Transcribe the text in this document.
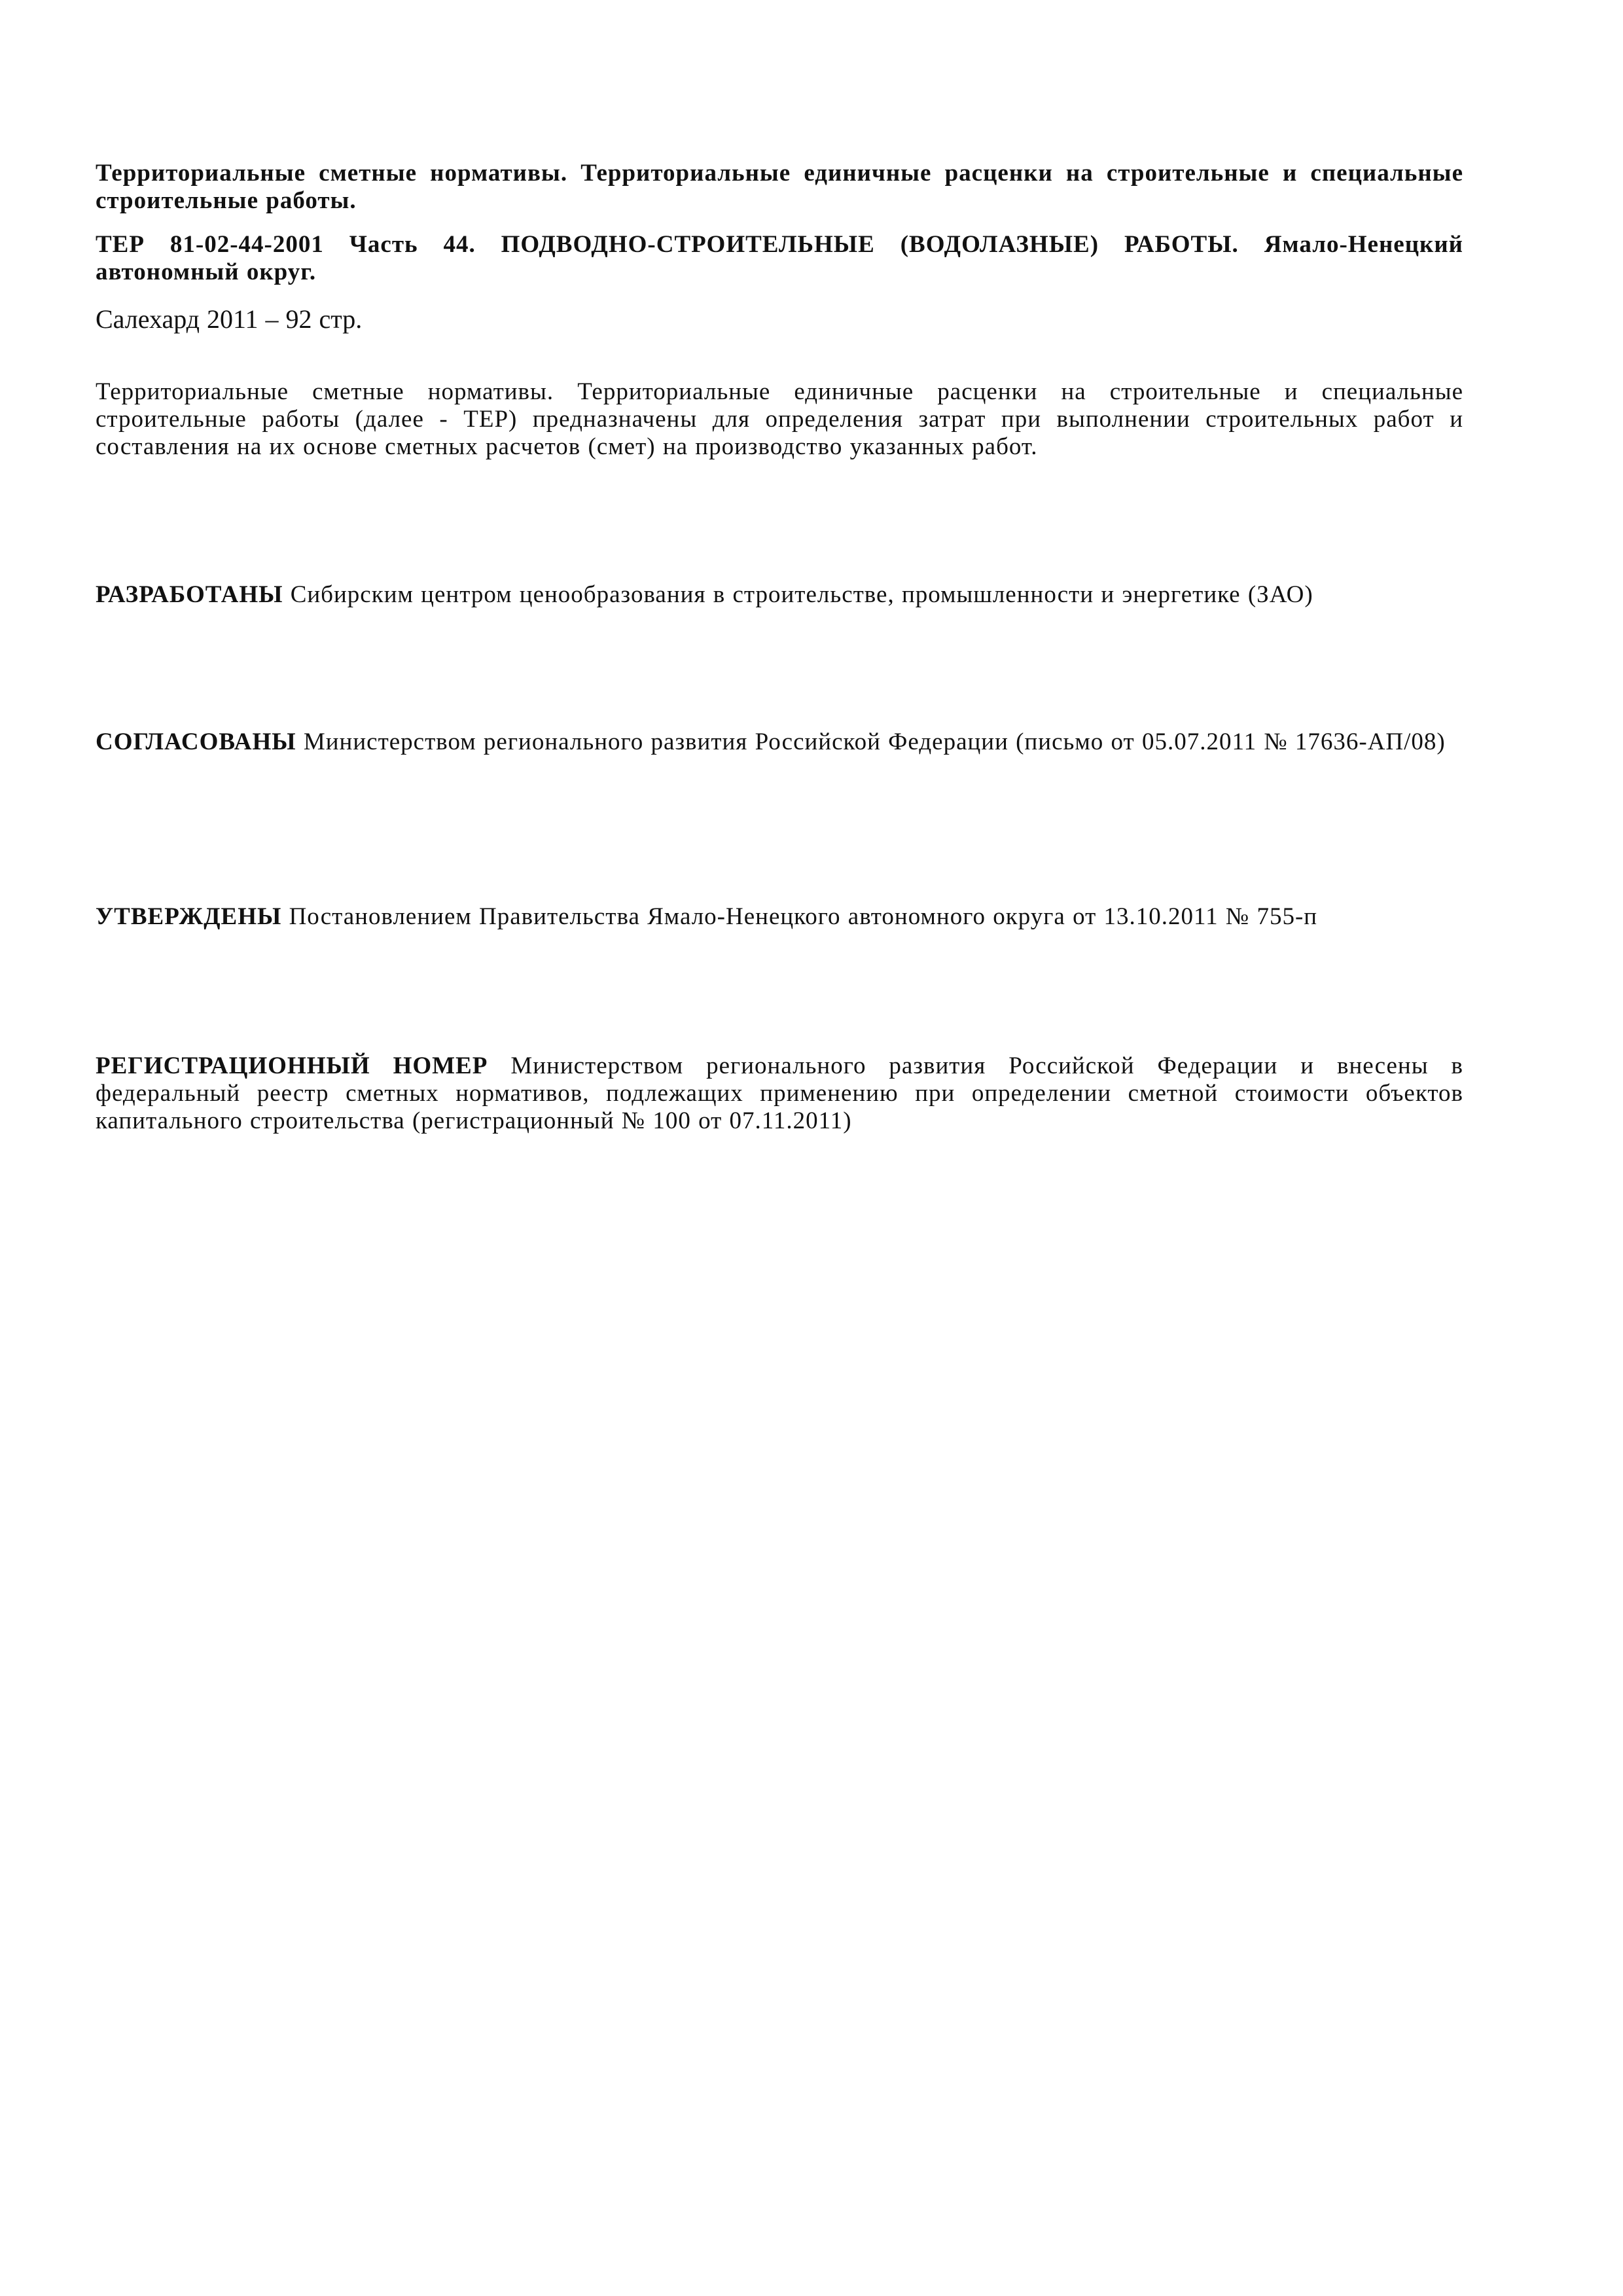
Территориальные сметные нормативы. Территориальные единичные расценки на строительные и специальные строительные работы.

ТЕР 81-02-44-2001 Часть 44. ПОДВОДНО-СТРОИТЕЛЬНЫЕ (ВОДОЛАЗНЫЕ) РАБОТЫ. Ямало-Ненецкий автономный округ.

Салехард 2011 – 92 стр.

Территориальные сметные нормативы. Территориальные единичные расценки на строительные и специальные строительные работы (далее - ТЕР) предназначены для определения затрат при выполнении строительных работ и составления на их основе сметных расчетов (смет) на производство указанных работ.

РАЗРАБОТАНЫ Сибирским центром ценообразования в строительстве, промышленности и энергетике (ЗАО)

СОГЛАСОВАНЫ Министерством регионального развития Российской Федерации (письмо от 05.07.2011 № 17636-АП/08)

УТВЕРЖДЕНЫ Постановлением Правительства Ямало-Ненецкого автономного округа от 13.10.2011 № 755-п

РЕГИСТРАЦИОННЫЙ НОМЕР Министерством регионального развития Российской Федерации и внесены в федеральный реестр сметных нормативов, подлежащих применению при определении сметной стоимости объектов капитального строительства (регистрационный № 100 от 07.11.2011)
